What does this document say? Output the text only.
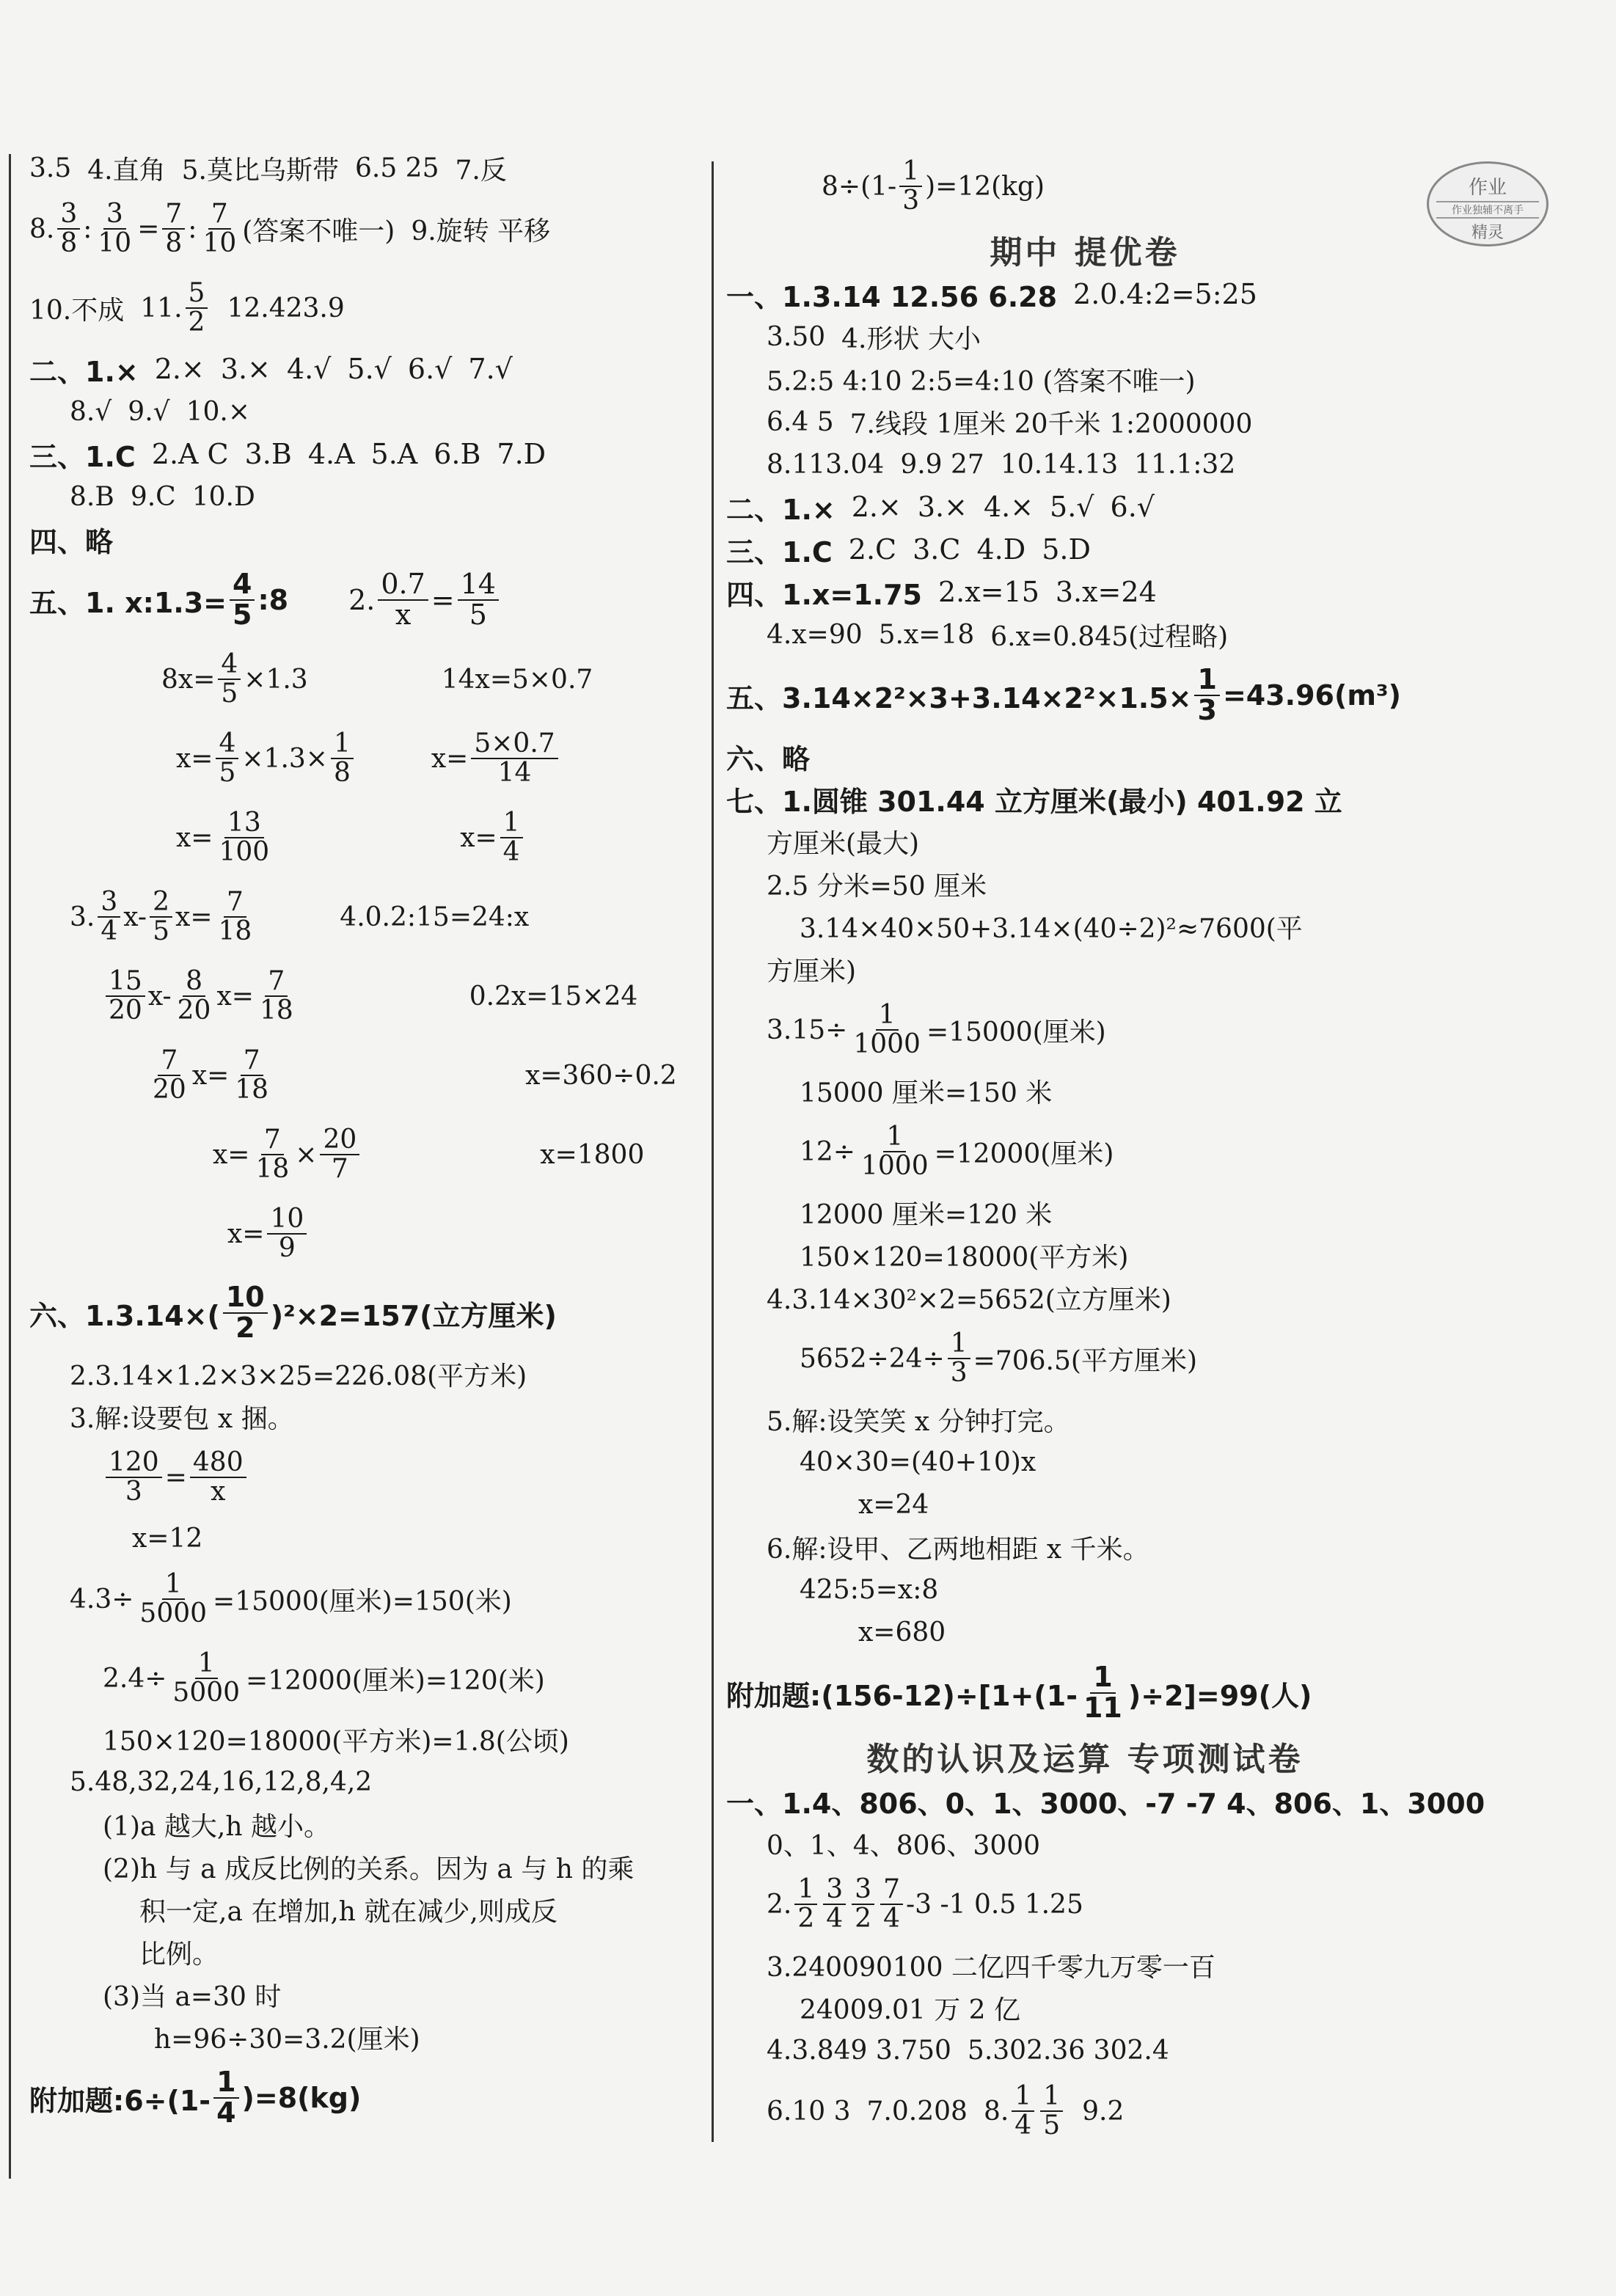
作业
作业独辅不离手
精灵
3.5 4.直角 5.莫比乌斯带 6.5 25 7.反
8. $\frac{3}{8}$ : $\frac{3}{10} = \frac{7}{8}$ : $\frac{7}{10}$ (答案不唯一) 9.旋转 平移
10.不成 11. $\frac{5}{2} 12.423.9$
二、1.× 2.× 3.× 4.√ 5.√ 6.√ 7.√
8.√ 9.√ 10.×
三、1.C 2.A C 3.B 4.A 5.A 6.B 7.D
8.B 9.C 10.D
四、略
五、1. x:1.3= $\frac{4}{5}$ :8 2. $\frac{0.7}{x} = \frac{14}{5}$
$8x= \frac{4}{5} \times 1.3$	14x=5×0.7
$x= \frac{4}{5} \times 1.3\times \frac{1}{8}$	$x= \frac{5\times 0.7}{14}$
$x= \frac{13}{100}$	$x= \frac{1}{4}$
3. $\frac{3}{4} x- \frac{2}{5} x= \frac{7}{18}$	4.0.2:15=24:x
$\frac{15}{20} x- \frac{8}{20} x= \frac{7}{18}$	0.2x=15×24
$\frac{7}{20} x= \frac{7}{18}$	x=360÷0.2
$x= \frac{7}{18} \times \frac{20}{7}$	x=1800
$x= \frac{10}{9}$
六、$1.3.14\times( \frac{10}{2} )^2\times 2=157$(立方厘米)
2.3.14×1.2×3×25=226.08(平方米)
3.解:设要包 x 捆。
$\frac{120}{3} = \frac{480}{x}$
x=12
$4.3\div \frac{1}{5000} =15000$(厘米)=150(米)
$2.4\div \frac{1}{5000} =12000$(厘米)=120(米)
150×120=18000(平方米)=1.8(公顷)
5.48,32,24,16,12,8,4,2
(1)a 越大,h 越小。
(2)h 与 a 成反比例的关系。因为 a 与 h 的乘
积一定,a 在增加,h 就在减少,则成反
比例。
(3)当 a=30 时
h=96÷30=3.2(厘米)
附加题:6÷(1- $\frac{1}{4} )=8(kg)$
$8\div(1- \frac{1}{3} )=12(kg)$
期中 提优卷
一、1.3.14 12.56 6.28 2.0.4:2=5:25
3.50 4.形状 大小
5.2:5 4:10 2:5=4:10 (答案不唯一)
6.4 5 7.线段 1厘米 20千米 1:2000000
8.113.04 9.9 27 10.14.13 11.1:32
二、1.× 2.× 3.× 4.× 5.√ 6.√
三、1.C 2.C 3.C 4.D 5.D
四、1.x=1.75 2.x=15 3.x=24
4.x=90 5.x=18 6.x=0.845(过程略)
五、$3.14\times 2^2\times 3+3.14\times 2^2\times 1.5\times \frac{1}{3} =43.96(m^3)$
六、略
七、1.圆锥 301.44 立方厘米(最小) 401.92 立
方厘米(最大)
2.5 分米=50 厘米
3.14×40×50+3.14×(40÷2)²≈7600(平
方厘米)
$3.15\div \frac{1}{1000} =15000$(厘米)
15000 厘米=150 米
$12\div \frac{1}{1000} =12000$(厘米)
12000 厘米=120 米
150×120=18000(平方米)
4.3.14×30²×2=5652(立方厘米)
$5652\div 24\div \frac{1}{3} =706.5$(平方厘米)
5.解:设笑笑 x 分钟打完。
40×30=(40+10)x
x=24
6.解:设甲、乙两地相距 x 千米。
425:5=x:8
x=680
附加题:(156-12)÷[1+(1- $\frac{1}{11} )\div 2]=99$(人)
数的认识及运算 专项测试卷
一、1.4、806、0、1、3000、-7 -7 4、806、1、3000
0、1、4、806、3000
2. $\frac{1}{2} \frac{3}{4} \frac{3}{2} \frac{7}{4} -3$ -1 0.5 1.25
3.240090100 二亿四千零九万零一百
24009.01 万 2 亿
4.3.849 3.750 5.302.36 302.4
6.10 3 7.0.208 8. $\frac{1}{4} \frac{1}{5} 9.2$
